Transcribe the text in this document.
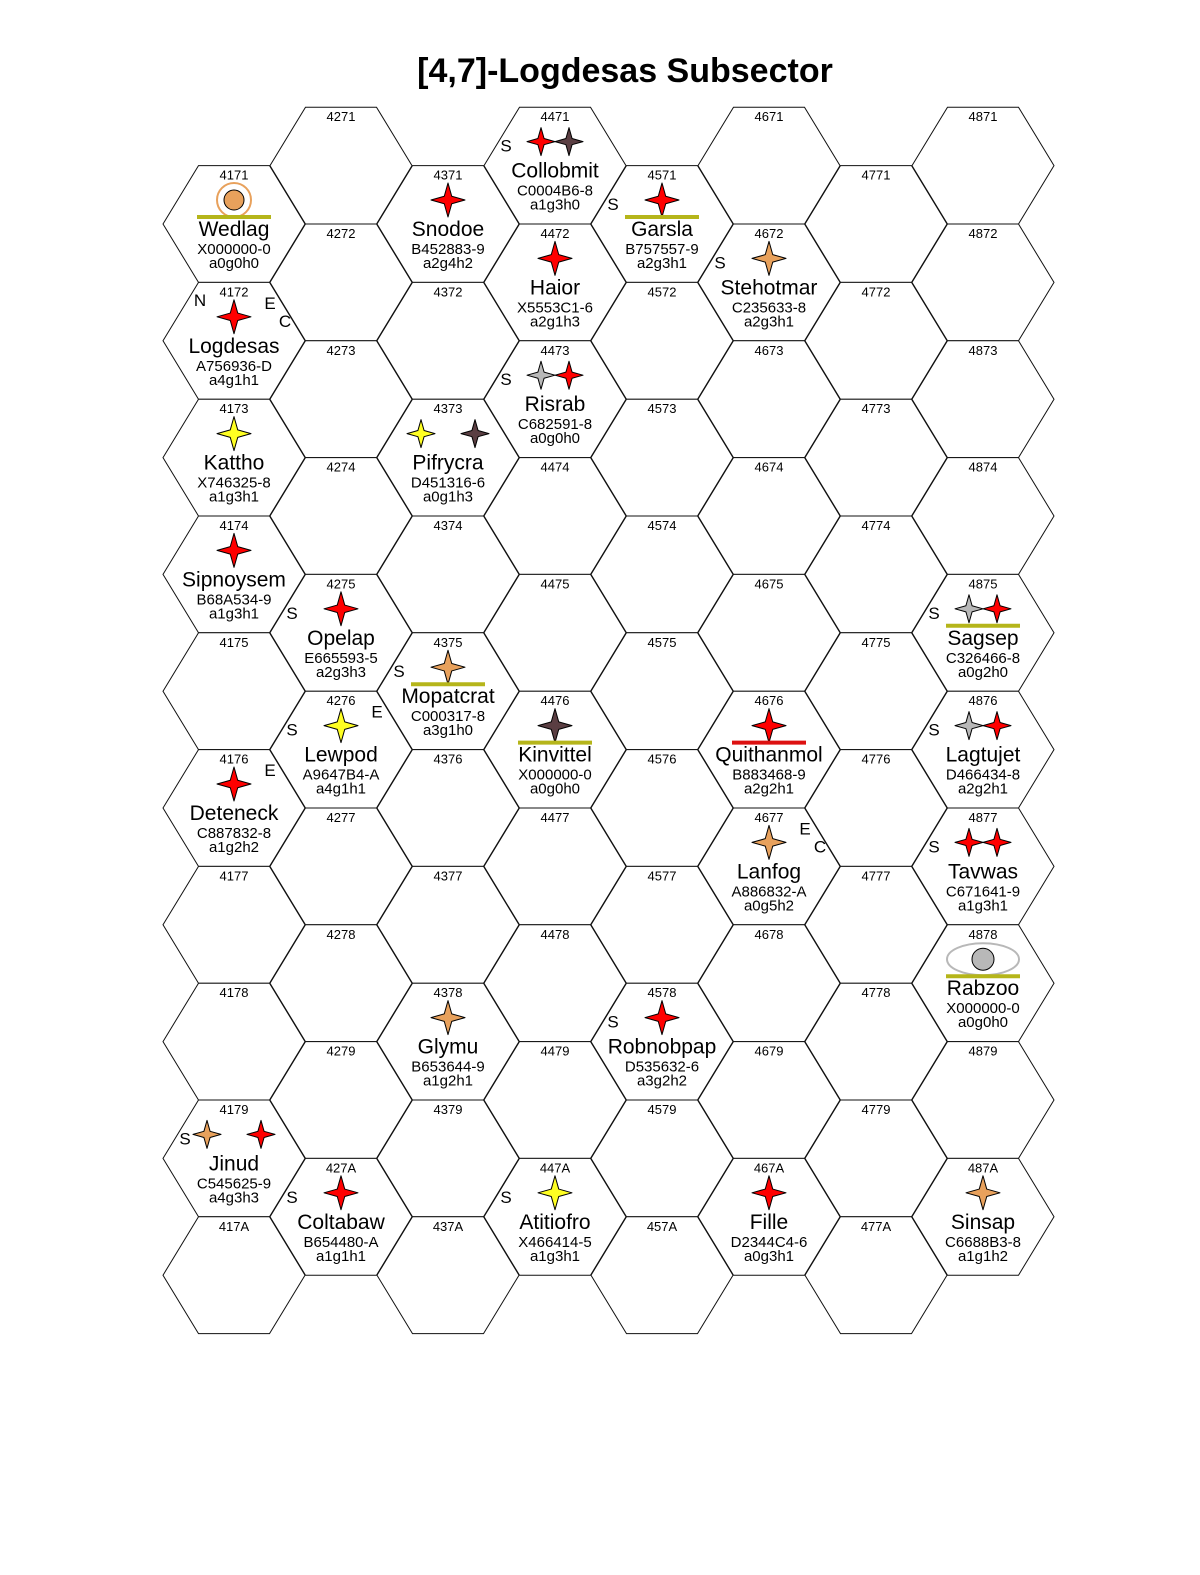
[4,7]-Logdesas Subsector
4171
4172
4173
4174
4175
4176
4177
4178
4179
417A
4271
4272
4273
4274
4275
4276
4277
4278
4279
427A
4371
4372
4373
4374
4375
4376
4377
4378
4379
437A
4471
4472
4473
4474
4475
4476
4477
4478
4479
447A
4571
4572
4573
4574
4575
4576
4577
4578
4579
457A
4671
4672
4673
4674
4675
4676
4677
4678
4679
467A
4771
4772
4773
4774
4775
4776
4777
4778
4779
477A
4871
4872
4873
4874
4875
4876
4877
4878
4879
487A
Wedlag
X000000-0
a0g0h0
N	E
C
Logdesas
A756936-D
a4g1h1
Kattho
X746325-8
a1g3h1
Sipnoysem
B68A534-9
a1g3h1
E
Deteneck
C887832-8
a1g2h2
S
Jinud
C545625-9
a4g3h3
S
Opelap
E665593-5
a2g3h3
S
E
Lewpod
A9647B4-A
a4g1h1
S
Coltabaw
B654480-A
a1g1h1
Snodoe
B452883-9
a2g4h2
Pifrycra
D451316-6
a0g1h3
S
Mopatcrat
C000317-8
a3g1h0
Glymu
B653644-9
a1g2h1
S
Collobmit
C0004B6-8
a1g3h0
Haior
X5553C1-6
a2g1h3
S
Risrab
C682591-8
a0g0h0
Kinvittel
X000000-0
a0g0h0
S
Atitiofro
X466414-5
a1g3h1
S
Garsla
B757557-9
a2g3h1
S
Robnobpap
D535632-6
a3g2h2
S
Stehotmar
C235633-8
a2g3h1
Quithanmol
B883468-9
a2g2h1
E
C
Lanfog
A886832-A
a0g5h2
Fille
D2344C4-6
a0g3h1
S
Sagsep
C326466-8
a0g2h0
S
Lagtujet
D466434-8
a2g2h1
S
Tavwas
C671641-9
a1g3h1
Rabzoo
X000000-0
a0g0h0
Sinsap
C6688B3-8
a1g1h2
